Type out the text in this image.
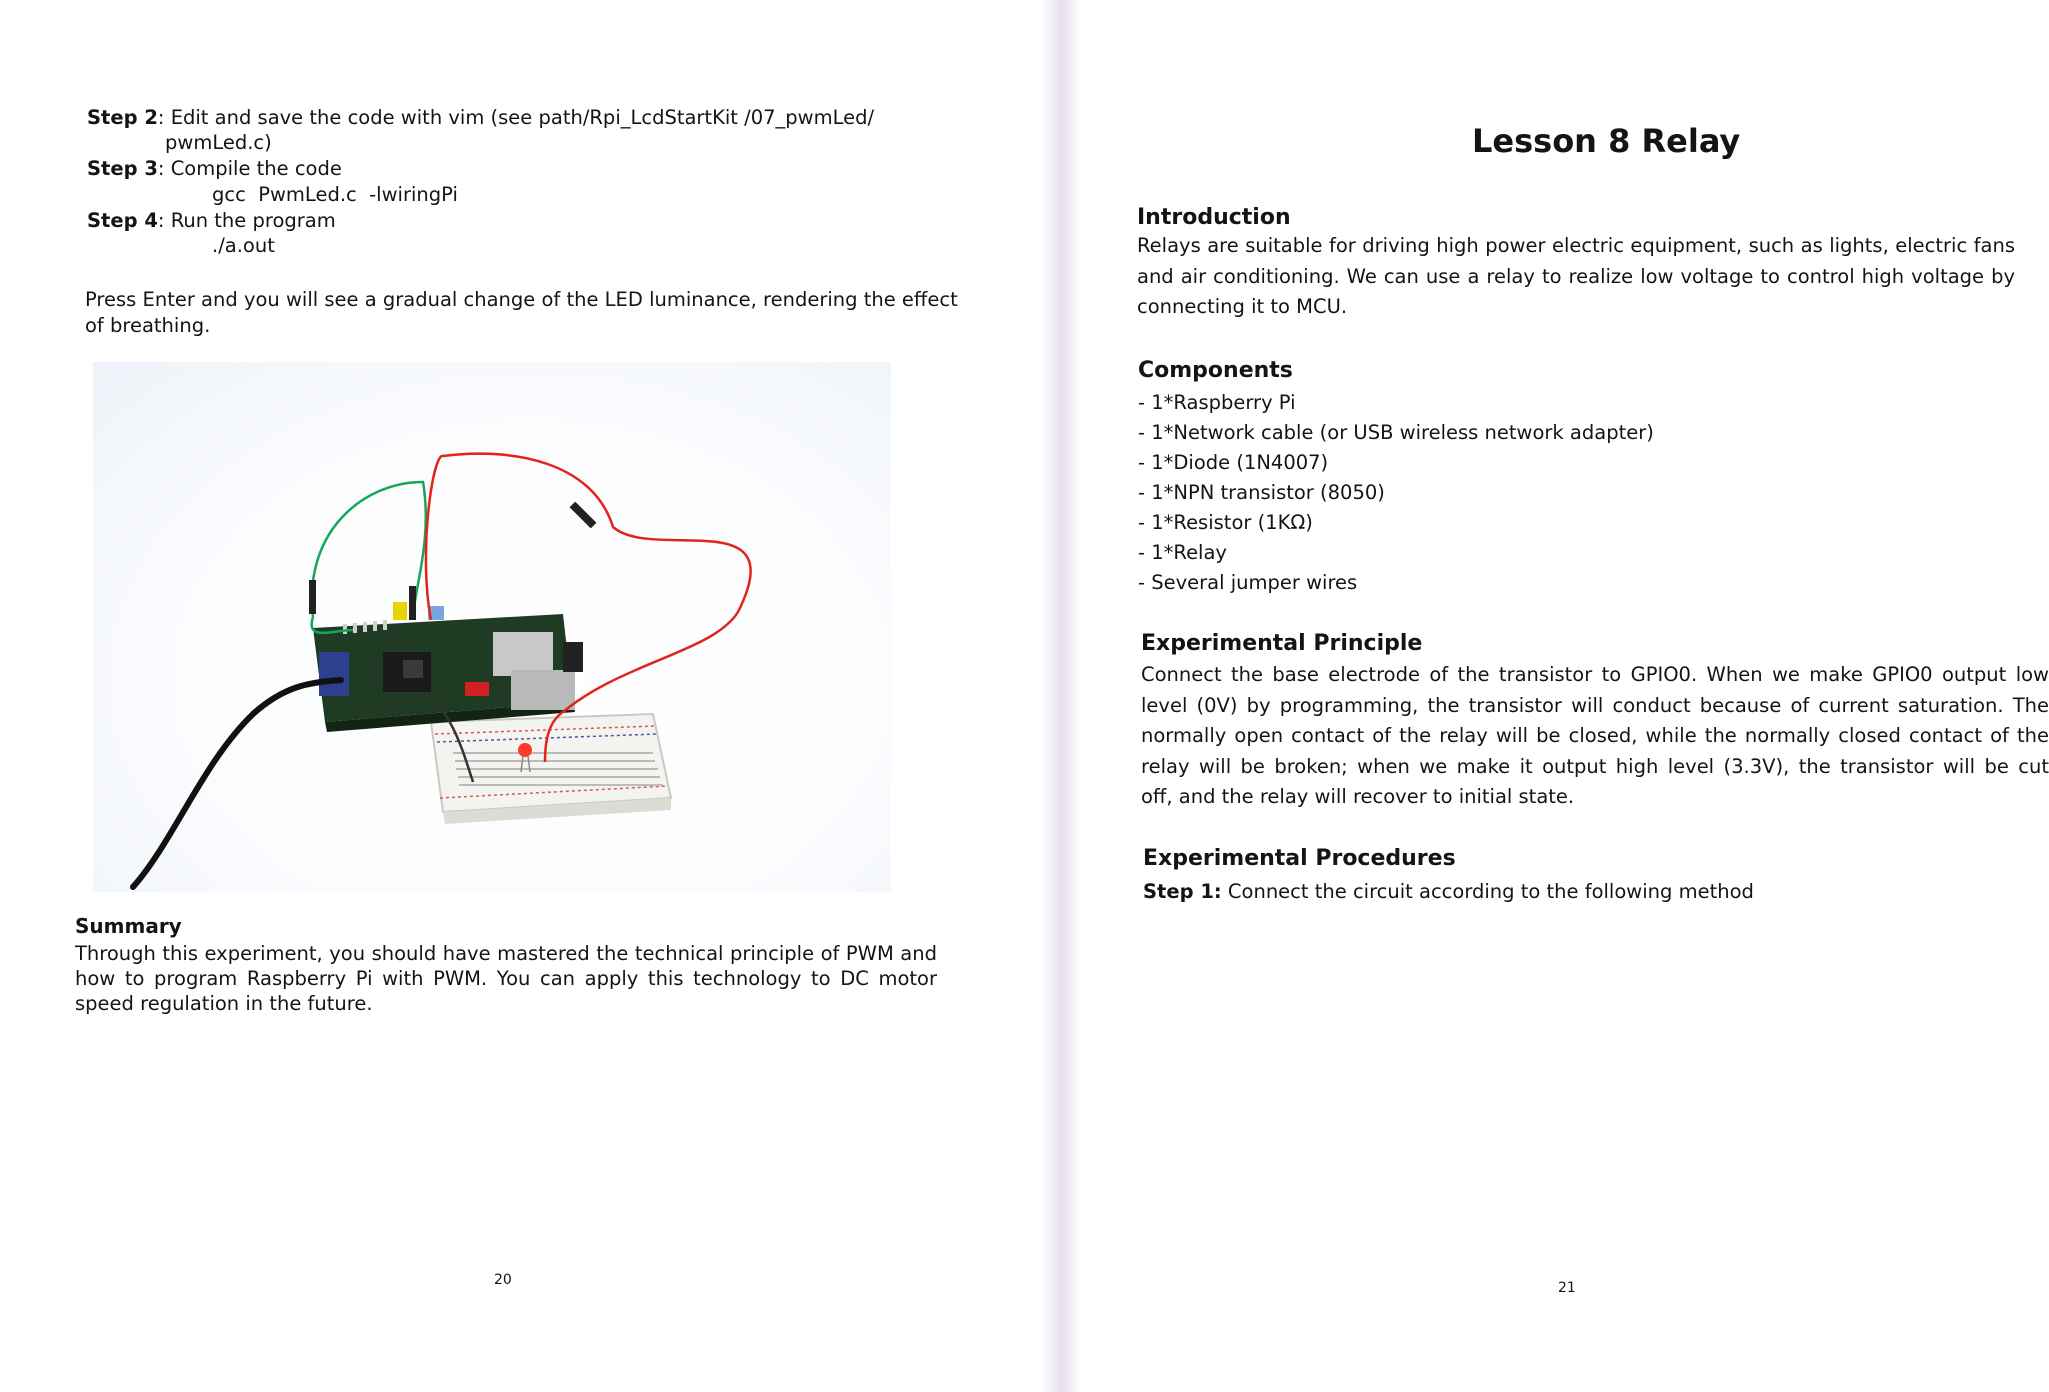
Step 2: Edit and save the code with vim (see path/Rpi_LcdStartKit /07_pwmLed/
pwmLed.c)
Step 3: Compile the code
gcc  PwmLed.c  -lwiringPi
Step 4: Run the program
./a.out
Press Enter and you will see a gradual change of the LED luminance, rendering the effect
of breathing.
Summary
Through this experiment, you should have mastered the technical principle of PWM and
how to program Raspberry Pi with PWM. You can apply this technology to DC motor
speed regulation in the future.
20
Lesson 8 Relay
Introduction
Relays are suitable for driving high power electric equipment, such as lights, electric fans
and air conditioning. We can use a relay to realize low voltage to control high voltage by
connecting it to MCU.
Components
- 1*Raspberry Pi
- 1*Network cable (or USB wireless network adapter)
- 1*Diode (1N4007)
- 1*NPN transistor (8050)
- 1*Resistor (1KΩ)
- 1*Relay
- Several jumper wires
Experimental Principle
Connect the base electrode of the transistor to GPIO0. When we make GPIO0 output low
level (0V) by programming, the transistor will conduct because of current saturation. The
normally open contact of the relay will be closed, while the normally closed contact of the
relay will be broken; when we make it output high level (3.3V), the transistor will be cut
off, and the relay will recover to initial state.
Experimental Procedures
Step 1: Connect the circuit according to the following method
21
